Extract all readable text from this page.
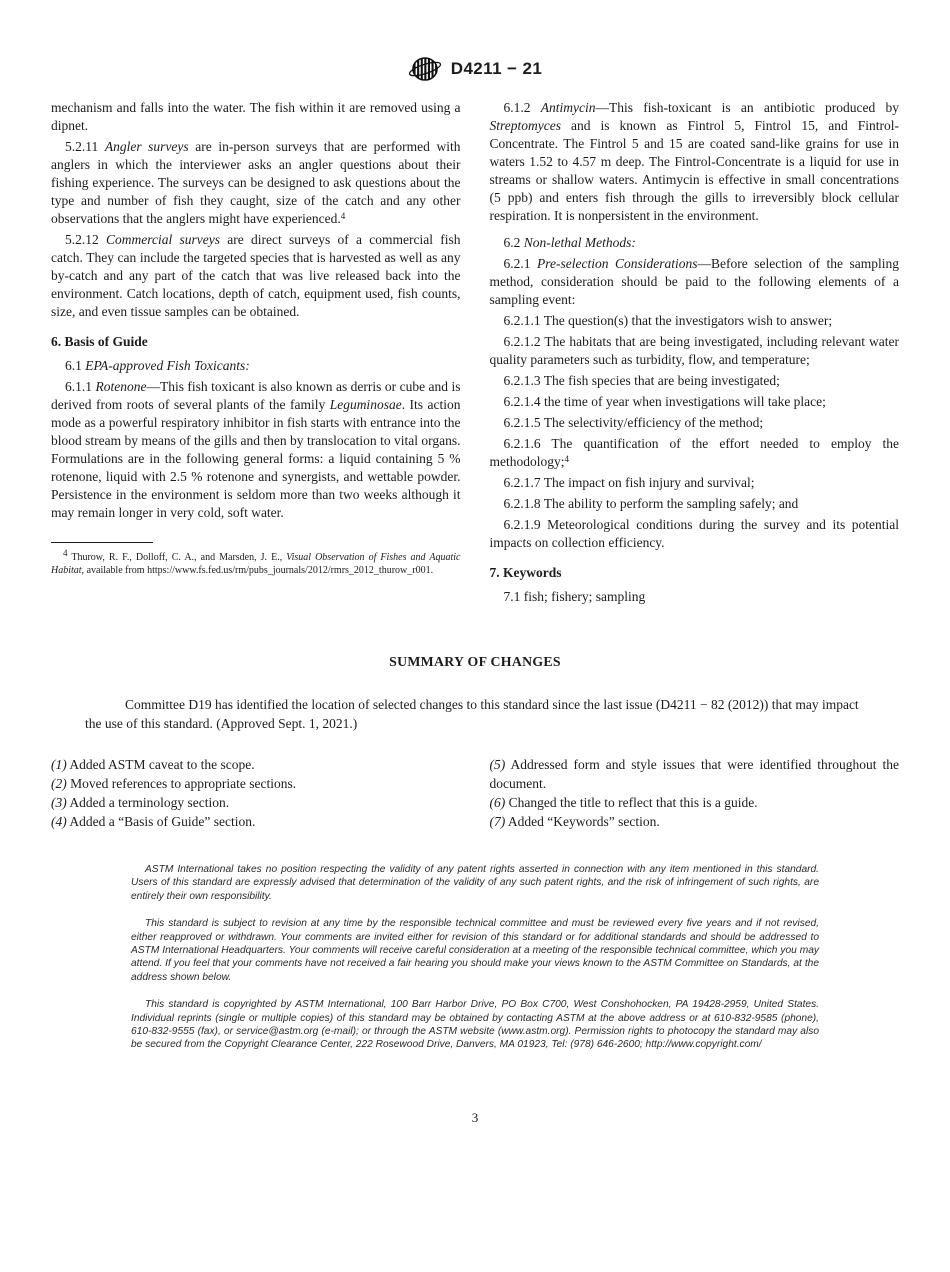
D4211 − 21

mechanism and falls into the water. The fish within it are removed using a dipnet.

5.2.11 Angler surveys are in-person surveys that are performed with anglers in which the interviewer asks an angler questions about their fishing experience. The surveys can be designed to ask questions about the type and number of fish they caught, size of the catch and any other observations that the anglers might have experienced.$^4$

5.2.12 Commercial surveys are direct surveys of a commercial fish catch. They can include the targeted species that is harvested as well as any by-catch and any part of the catch that was live released back into the environment. Catch locations, depth of catch, equipment used, fish counts, size, and even tissue samples can be obtained.

6. Basis of Guide

6.1 EPA-approved Fish Toxicants:

6.1.1 Rotenone—This fish toxicant is also known as derris or cube and is derived from roots of several plants of the family Leguminosae. Its action mode as a powerful respiratory inhibitor in fish starts with entrance into the blood stream by means of the gills and then by translocation to vital organs. Formulations are in the following general forms: a liquid containing 5 % rotenone, liquid with 2.5 % rotenone and synergists, and wettable powder. Persistence in the environment is seldom more than two weeks although it may remain longer in very cold, soft water.

$^4$ Thurow, R. F., Dolloff, C. A., and Marsden, J. E., Visual Observation of Fishes and Aquatic Habitat, available from https://www.fs.fed.us/rm/pubs_journals/2012/rmrs_2012_thurow_r001.

6.1.2 Antimycin—This fish-toxicant is an antibiotic produced by Streptomyces and is known as Fintrol 5, Fintrol 15, and Fintrol-Concentrate. The Fintrol 5 and 15 are coated sand-like grains for use in waters 1.52 to 4.57 m deep. The Fintrol-Concentrate is a liquid for use in streams or shallow waters. Antimycin is effective in small concentrations (5 ppb) and enters fish through the gills to irreversibly block cellular respiration. It is nonpersistent in the environment.

6.2 Non-lethal Methods:

6.2.1 Pre-selection Considerations—Before selection of the sampling method, consideration should be paid to the following elements of a sampling event:

6.2.1.1 The question(s) that the investigators wish to answer;

6.2.1.2 The habitats that are being investigated, including relevant water quality parameters such as turbidity, flow, and temperature;

6.2.1.3 The fish species that are being investigated;

6.2.1.4 the time of year when investigations will take place;

6.2.1.5 The selectivity/efficiency of the method;

6.2.1.6 The quantification of the effort needed to employ the methodology;$^4$

6.2.1.7 The impact on fish injury and survival;

6.2.1.8 The ability to perform the sampling safely; and

6.2.1.9 Meteorological conditions during the survey and its potential impacts on collection efficiency.

7. Keywords

7.1 fish; fishery; sampling

SUMMARY OF CHANGES

Committee D19 has identified the location of selected changes to this standard since the last issue (D4211 − 82 (2012)) that may impact the use of this standard. (Approved Sept. 1, 2021.)

(1) Added ASTM caveat to the scope.

(2) Moved references to appropriate sections.

(3) Added a terminology section.

(4) Added a “Basis of Guide” section.

(5) Addressed form and style issues that were identified throughout the document.

(6) Changed the title to reflect that this is a guide.

(7) Added “Keywords” section.

ASTM International takes no position respecting the validity of any patent rights asserted in connection with any item mentioned in this standard. Users of this standard are expressly advised that determination of the validity of any such patent rights, and the risk of infringement of such rights, are entirely their own responsibility.

This standard is subject to revision at any time by the responsible technical committee and must be reviewed every five years and if not revised, either reapproved or withdrawn. Your comments are invited either for revision of this standard or for additional standards and should be addressed to ASTM International Headquarters. Your comments will receive careful consideration at a meeting of the responsible technical committee, which you may attend. If you feel that your comments have not received a fair hearing you should make your views known to the ASTM Committee on Standards, at the address shown below.

This standard is copyrighted by ASTM International, 100 Barr Harbor Drive, PO Box C700, West Conshohocken, PA 19428-2959, United States. Individual reprints (single or multiple copies) of this standard may be obtained by contacting ASTM at the above address or at 610-832-9585 (phone), 610-832-9555 (fax), or service@astm.org (e-mail); or through the ASTM website (www.astm.org). Permission rights to photocopy the standard may also be secured from the Copyright Clearance Center, 222 Rosewood Drive, Danvers, MA 01923, Tel: (978) 646-2600; http://www.copyright.com/

3
